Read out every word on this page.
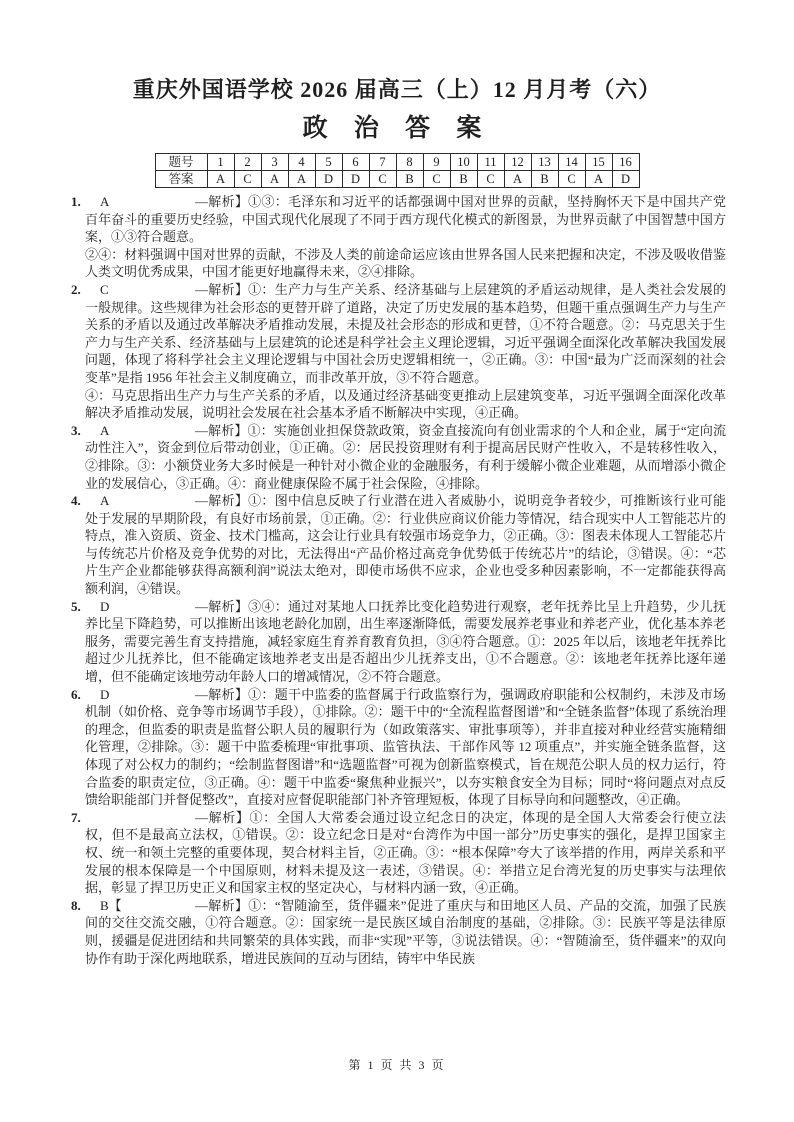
重庆外国语学校 2026 届高三（上）12 月月考（六）
政 治 答 案
题号	1	2	3	4	5	6	7	8	9	10	11	12	13	14	15	16
答案	A	C	A	A	D	D	C	B	C	B	C	A	B	C	A	D
1. A	—解析】①③：毛泽东和习近平的话都强调中国对世界的贡献，坚持胸怀天下是中国共产党百年奋斗的重要历史经验，中国式现代化展现了不同于西方现代化模式的新图景，为世界贡献了中国智慧中国方案，①③符合题意。

②④：材料强调中国对世界的贡献，不涉及人类的前途命运应该由世界各国人民来把握和决定，不涉及吸收借鉴人类文明优秀成果，中国才能更好地赢得未来，②④排除。

2. C	—解析】①：生产力与生产关系、经济基础与上层建筑的矛盾运动规律，是人类社会发展的一般规律。这些规律为社会形态的更替开辟了道路，决定了历史发展的基本趋势，但题干重点强调生产力与生产关系的矛盾以及通过改革解决矛盾推动发展，未提及社会形态的形成和更替，①不符合题意。②：马克思关于生产力与生产关系、经济基础与上层建筑的论述是科学社会主义理论逻辑，习近平强调全面深化改革解决我国发展问题，体现了将科学社会主义理论逻辑与中国社会历史逻辑相统一，②正确。③：中国“最为广泛而深刻的社会变革”是指 1956 年社会主义制度确立，而非改革开放，③不符合题意。

④：马克思指出生产力与生产关系的矛盾，以及通过经济基础变更推动上层建筑变革，习近平强调全面深化改革解决矛盾推动发展，说明社会发展在社会基本矛盾不断解决中实现，④正确。

3. A	—解析】①：实施创业担保贷款政策，资金直接流向有创业需求的个人和企业，属于“定向流动性注入”，资金到位后带动创业，①正确。②：居民投资理财有利于提高居民财产性收入，不是转移性收入，②排除。③：小额贷业务大多时候是一种针对小微企业的金融服务，有利于缓解小微企业难题，从而增添小微企业的发展信心，③正确。④：商业健康保险不属于社会保险，④排除。

4. A	—解析】①：图中信息反映了行业潜在进入者威胁小，说明竞争者较少，可推断该行业可能处于发展的早期阶段，有良好市场前景，①正确。②：行业供应商议价能力等情况，结合现实中人工智能芯片的特点，准入资质、资金、技术门槛高，这会让行业具有较强市场竞争力，②正确。③：图表未体现人工智能芯片与传统芯片价格及竞争优势的对比，无法得出“产品价格过高竞争优势低于传统芯片”的结论，③错误。④：“芯片生产企业都能够获得高额利润”说法太绝对，即使市场供不应求，企业也受多种因素影响，不一定都能获得高额利润，④错误。

5. D	—解析】③④：通过对某地人口抚养比变化趋势进行观察，老年抚养比呈上升趋势，少儿抚养比呈下降趋势，可以推断出该地老龄化加剧，出生率逐渐降低，需要发展养老事业和养老产业，优化基本养老服务，需要完善生育支持措施，减轻家庭生育养育教育负担，③④符合题意。①：2025 年以后，该地老年抚养比超过少儿抚养比，但不能确定该地养老支出是否超出少儿抚养支出，①不合题意。②：该地老年抚养比逐年递增，但不能确定该地劳动年龄人口的增减情况，②不符合题意。

6. D	—解析】①：题干中监委的监督属于行政监察行为，强调政府职能和公权制约，未涉及市场机制（如价格、竞争等市场调节手段），①排除。②：题干中的“全流程监督图谱”和“全链条监督”体现了系统治理的理念，但监委的职责是监督公职人员的履职行为（如政策落实、审批事项等），并非直接对种业经营实施精细化管理，②排除。③：题干中监委梳理“审批事项、监管执法、干部作风等 12 项重点”，并实施全链条监督，这体现了对公权力的制约；“绘制监督图谱”和“选题监督”可视为创新监察模式，旨在规范公职人员的权力运行，符合监委的职责定位，③正确。④：题干中监委“聚焦种业振兴”，以夯实粮食安全为目标；同时“将问题点对点反馈给职能部门并督促整改”，直接对应督促职能部门补齐管理短板，体现了目标导向和问题整改，④正确。

7.	—解析】①：全国人大常委会通过设立纪念日的决定，体现的是全国人大常委会行使立法权，但不是最高立法权，①错误。②：设立纪念日是对“台湾作为中国一部分”历史事实的强化，是捍卫国家主权、统一和领土完整的重要体现，契合材料主旨，②正确。③：“根本保障”夸大了该举措的作用，两岸关系和平发展的根本保障是一个中国原则，材料未提及这一表述，③错误。④：举措立足台湾光复的历史事实与法理依据，彰显了捍卫历史正义和国家主权的坚定决心，与材料内涵一致，④正确。

8. B【	—解析】①：“智随渝至，货伴疆来”促进了重庆与和田地区人员、产品的交流，加强了民族间的交往交流交融，①符合题意。②：国家统一是民族区域自治制度的基础，②排除。③：民族平等是法律原则，援疆是促进团结和共同繁荣的具体实践，而非“实现”平等，③说法错误。④：“智随渝至，货伴疆来”的双向协作有助于深化两地联系，增进民族间的互动与团结，铸牢中华民族

第 1 页 共 3 页
